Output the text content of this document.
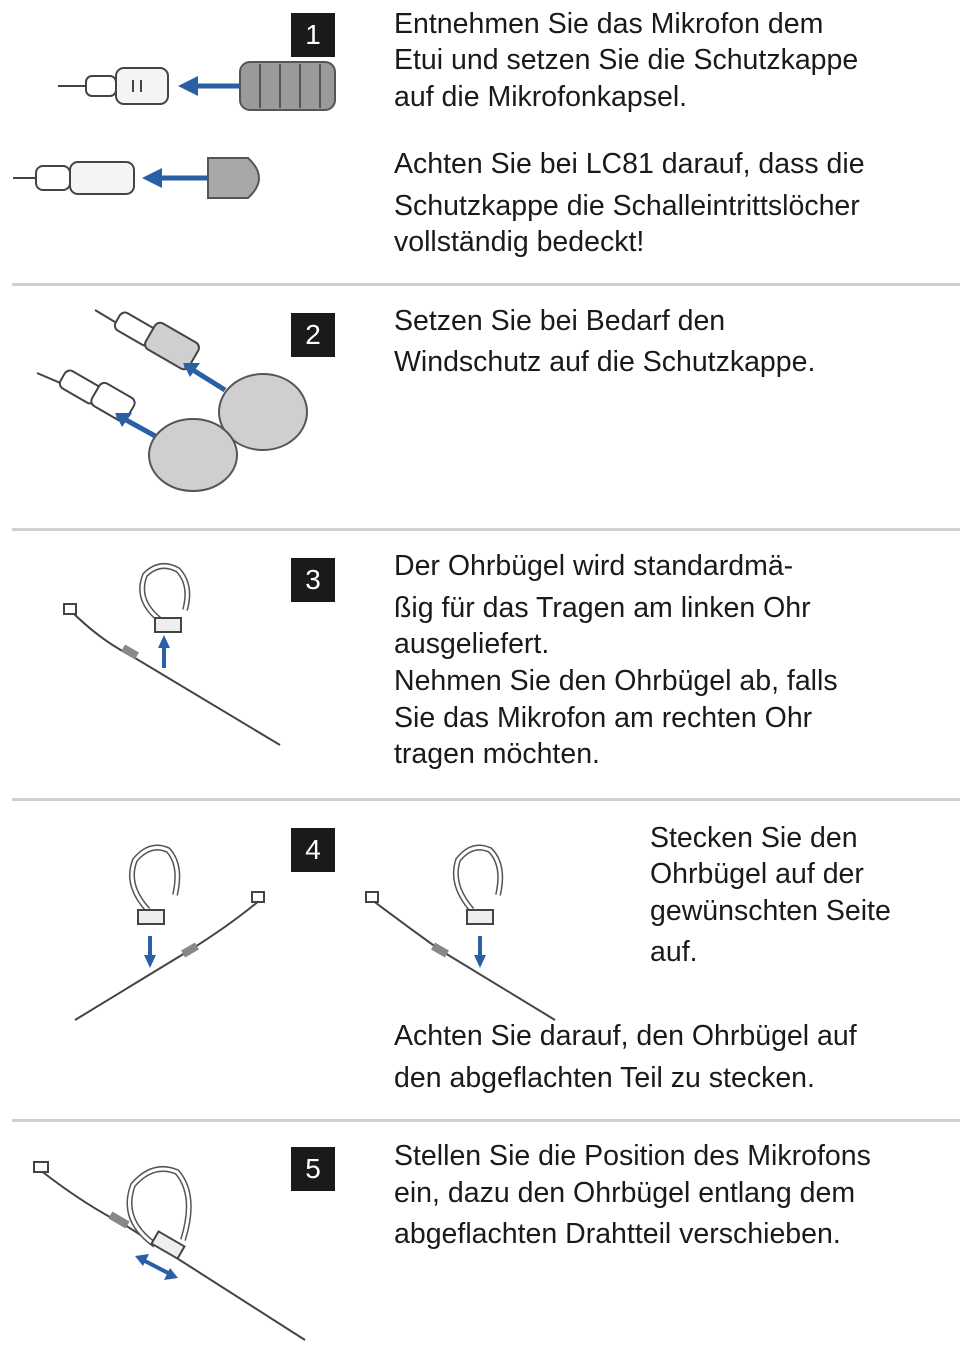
1	Entnehmen Sie das Mikrofon dem
Etui und setzen Sie die Schutzkappe
auf die Mikrofonkapsel.
Achten Sie bei LC81 darauf, dass die
Schutzkappe die Schalleintrittslöcher
vollständig bedeckt!
2	Setzen Sie bei Bedarf den
Windschutz auf die Schutzkappe.
3	Der Ohrbügel wird standardmä-
ßig für das Tragen am linken Ohr
ausgeliefert.
Nehmen Sie den Ohrbügel ab, falls
Sie das Mikrofon am rechten Ohr
tragen möchten.
4	Stecken Sie den
Ohrbügel auf der
gewünschten Seite
auf.
Achten Sie darauf, den Ohrbügel auf
den abgeflachten Teil zu stecken.
5	Stellen Sie die Position des Mikrofons
ein, dazu den Ohrbügel entlang dem
abgeflachten Drahtteil verschieben.
